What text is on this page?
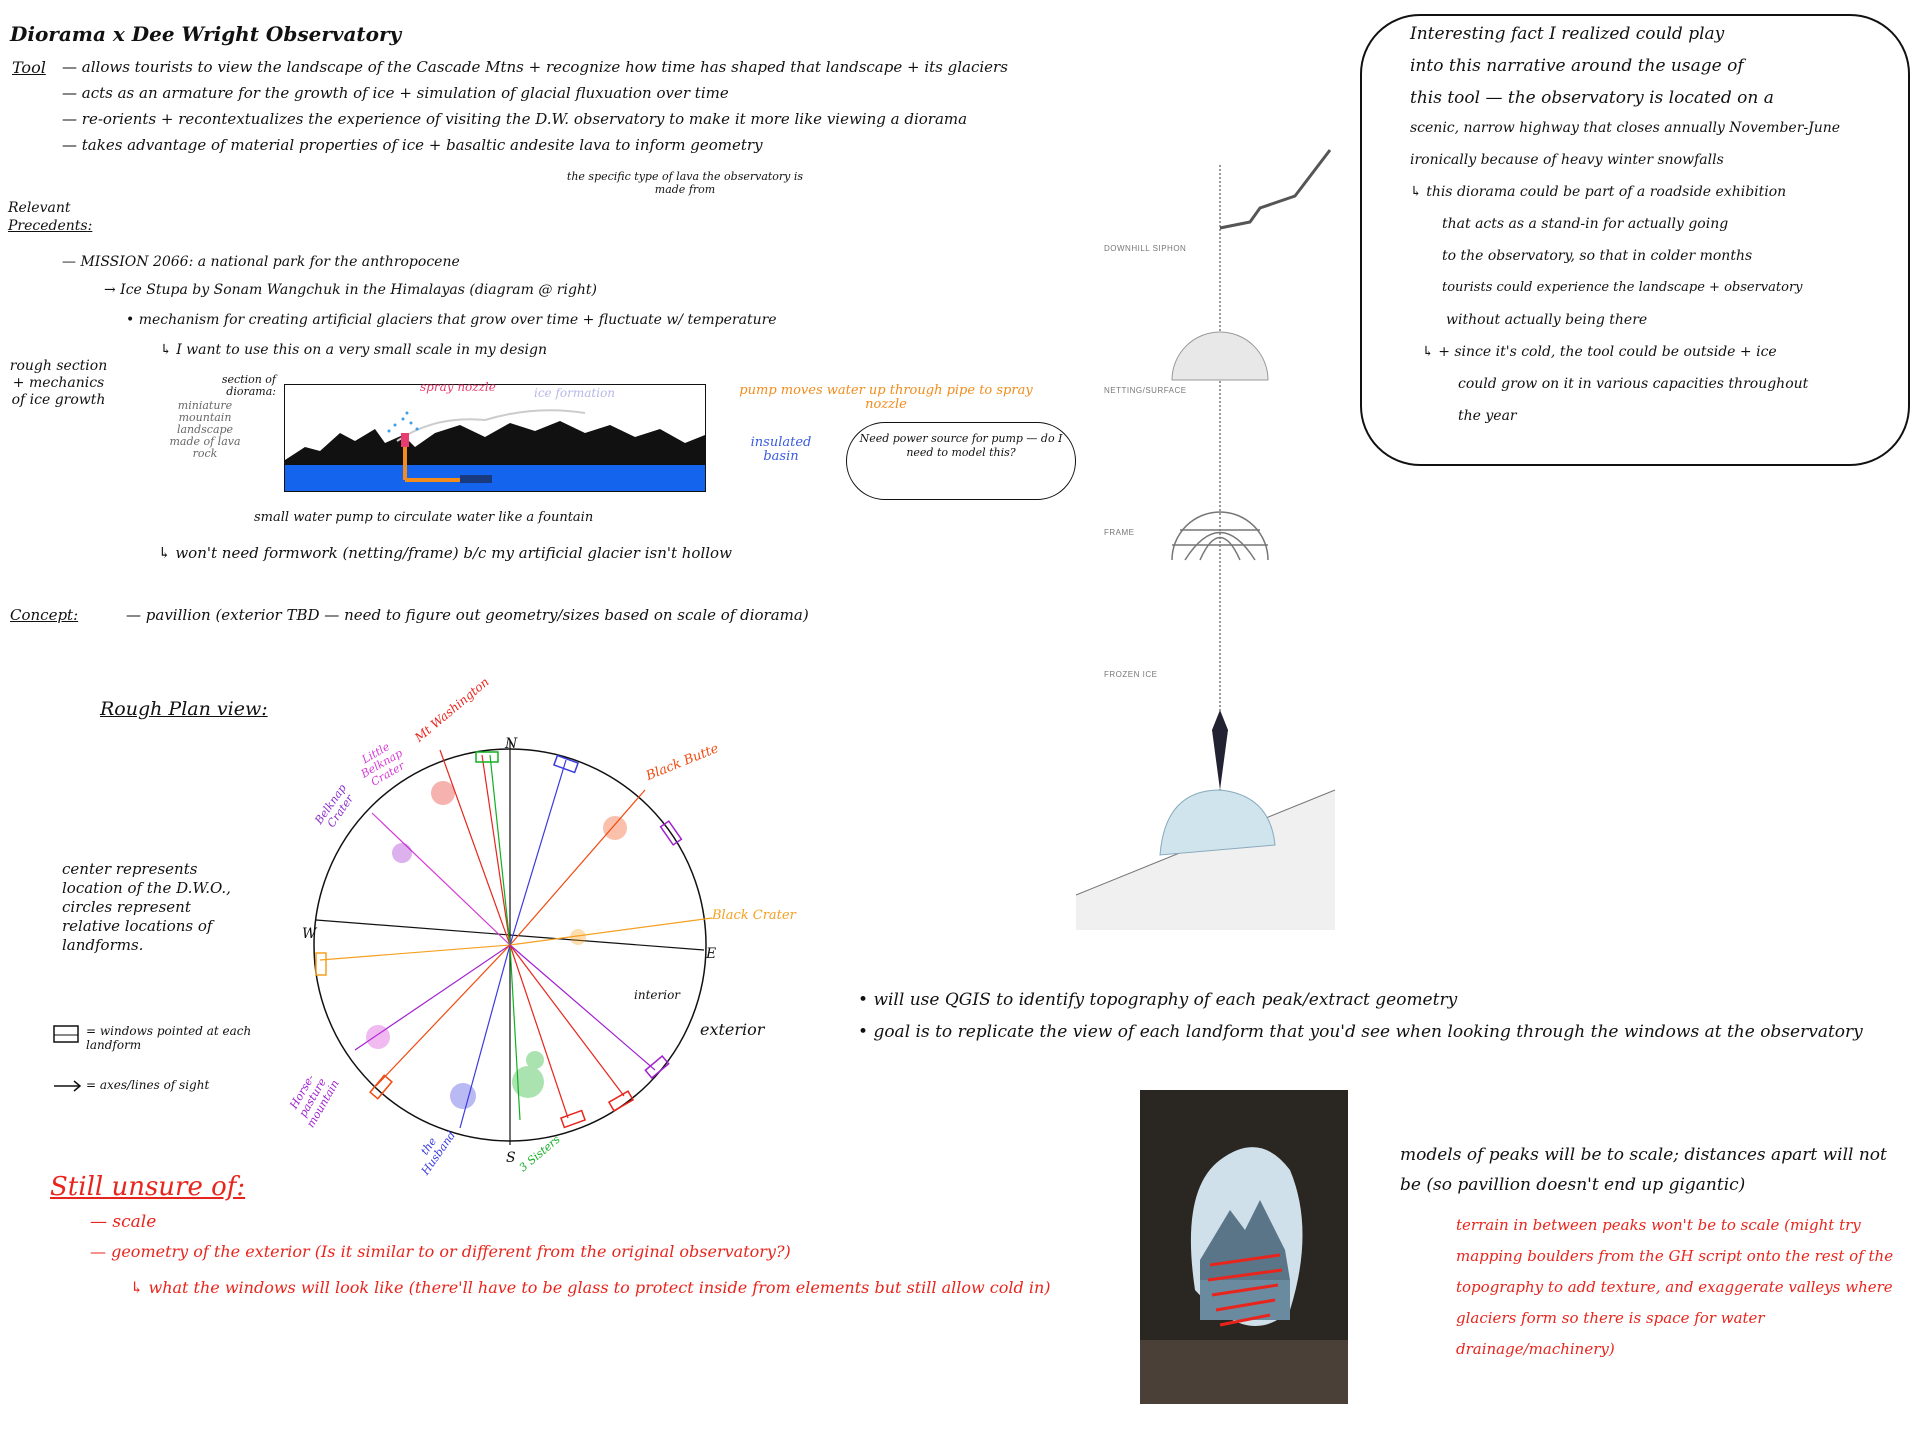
Diorama x Dee Wright Observatory
Tool — allows tourists to view the landscape of the Cascade Mtns + recognize how time has shaped that landscape + its glaciers
— acts as an armature for the growth of ice + simulation of glacial fluxuation over time
— re-orients + recontextualizes the experience of visiting the D.W. observatory to make it more like viewing a diorama
— takes advantage of material properties of ice + basaltic andesite lava to inform geometry
the specific type of lava the observatory is made from
Relevant
Precedents:
— MISSION 2066: a national park for the anthropocene
→ Ice Stupa by Sonam Wangchuk in the Himalayas (diagram @ right)
• mechanism for creating artificial glaciers that grow over time + fluctuate w/ temperature
↳ I want to use this on a very small scale in my design
rough section + mechanics of ice growth
section of diorama:
miniature mountain landscape made of lava rock
spray nozzle	ice formation	pump moves water up through pipe to spray nozzle
insulated basin
Need power source for pump — do I need to model this?
small water pump to circulate water like a fountain
↳ won't need formwork (netting/frame) b/c my artificial glacier isn't hollow
Concept:	— pavillion (exterior TBD — need to figure out geometry/sizes based on scale of diorama)
DOWNHILL SIPHON
NETTING/SURFACE
FRAME
FROZEN ICE
Interesting fact I realized could play
into this narrative around the usage of
this tool — the observatory is located on a
scenic, narrow highway that closes annually November-June
ironically because of heavy winter snowfalls
↳ this diorama could be part of a roadside exhibition
that acts as a stand-in for actually going
to the observatory, so that in colder months
tourists could experience the landscape + observatory
without actually being there
↳ + since it's cold, the tool could be outside + ice
could grow on it in various capacities throughout
the year
Rough Plan view:
N
S
E
W
Mt Washington
Little Belknap Crater
Belknap Crater
Black Butte
Black Crater
Horse-pasture mountain
the Husband	3 Sisters
interior
exterior
center represents location of the D.W.O., circles represent relative locations of landforms.
= windows pointed at each landform
= axes/lines of sight
• will use QGIS to identify topography of each peak/extract geometry
• goal is to replicate the view of each landform that you'd see when looking through the windows at the observatory
models of peaks will be to scale; distances apart will not be (so pavillion doesn't end up gigantic)
terrain in between peaks won't be to scale (might try mapping boulders from the GH script onto the rest of the topography to add texture, and exaggerate valleys where glaciers form so there is space for water drainage/machinery)
Still unsure of:
— scale
— geometry of the exterior (Is it similar to or different from the original observatory?)
↳ what the windows will look like (there'll have to be glass to protect inside from elements but still allow cold in)
